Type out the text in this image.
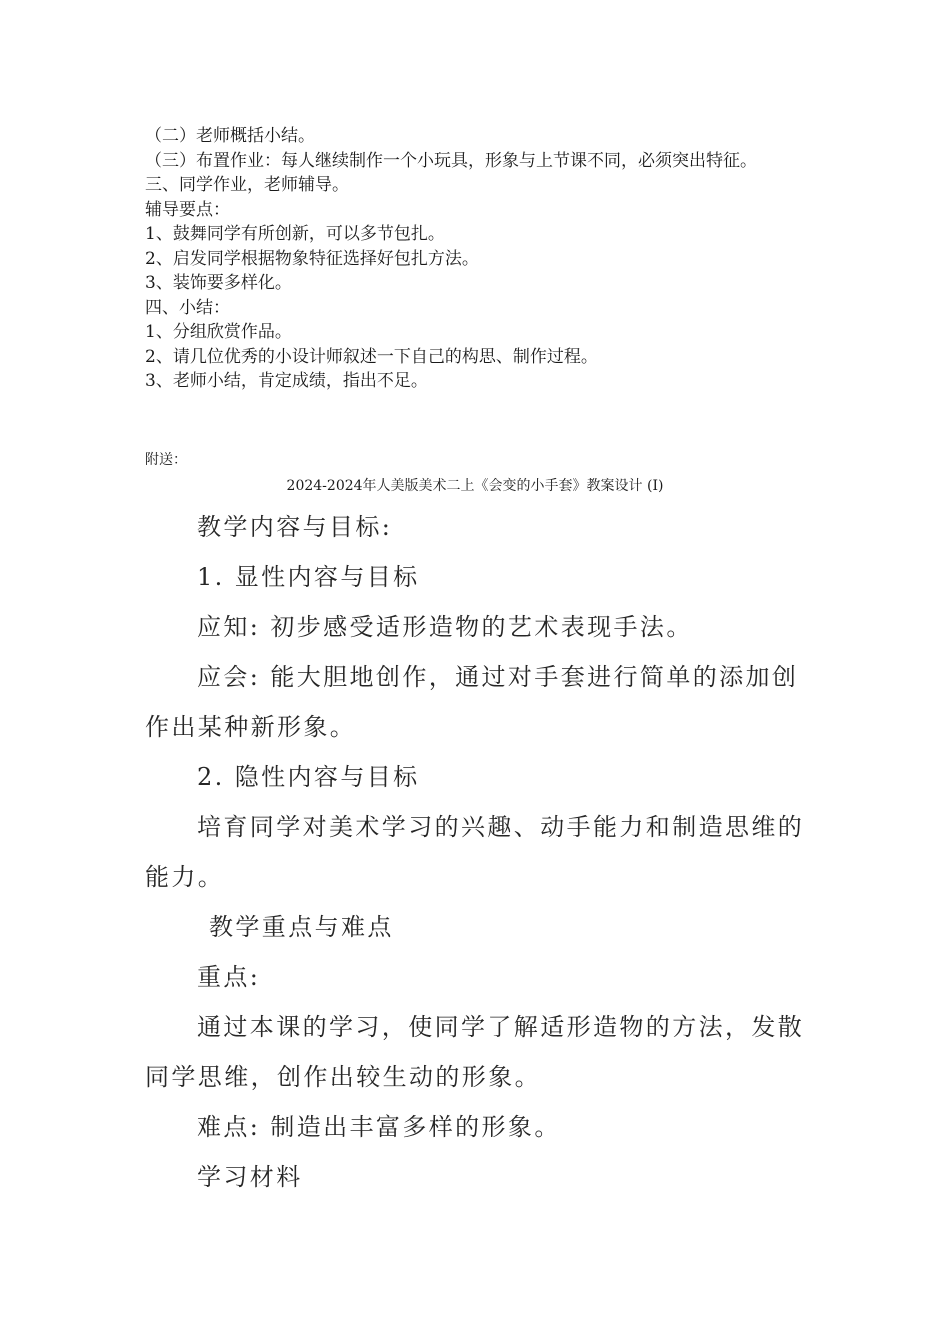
（二）老师概括小结。
（三）布置作业：每人继续制作一个小玩具，形象与上节课不同，必须突出特征。
三、同学作业，老师辅导。
辅导要点：
1、鼓舞同学有所创新，可以多节包扎。
2、启发同学根据物象特征选择好包扎方法。
3、装饰要多样化。
四、小结：
1、分组欣赏作品。
2、请几位优秀的小设计师叙述一下自己的构思、制作过程。
3、老师小结，肯定成绩，指出不足。
附送：
2024-2024年人美版美术二上《会变的小手套》教案设计 (I)
教学内容与目标:
1. 显性内容与目标
应知: 初步感受适形造物的艺术表现手法。
应会: 能大胆地创作，通过对手套进行简单的添加创作出某种新形象。
2. 隐性内容与目标
培育同学对美术学习的兴趣、动手能力和制造思维的能力。
教学重点与难点
重点:
通过本课的学习，使同学了解适形造物的方法，发散同学思维，创作出较生动的形象。
难点: 制造出丰富多样的形象。
学习材料
